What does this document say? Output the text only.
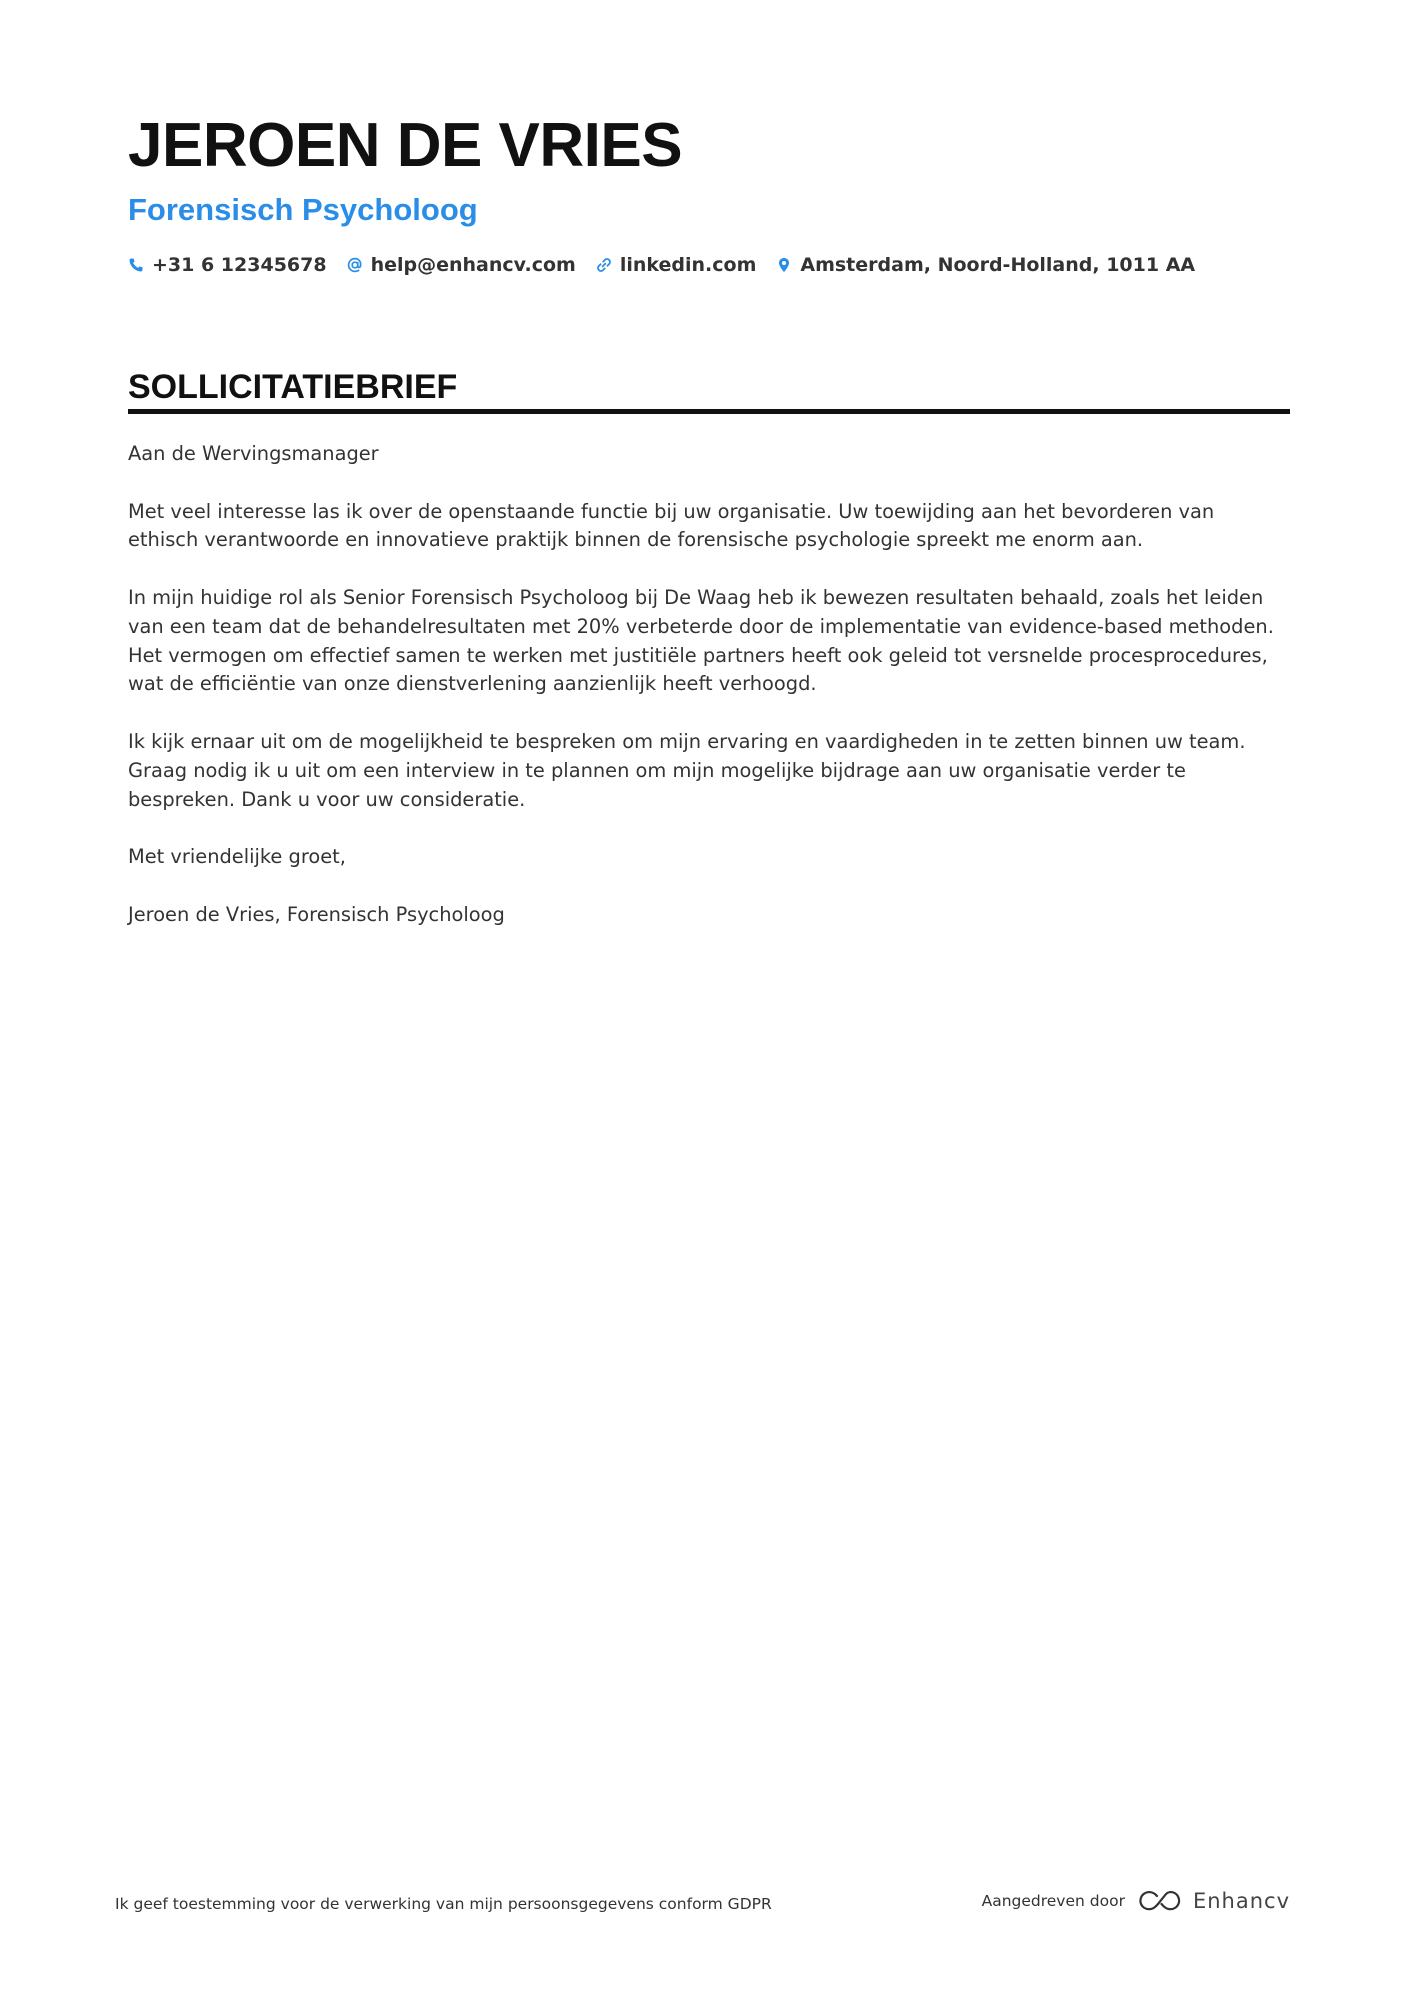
JEROEN DE VRIES
Forensisch Psycholoog
+31 6 12345678 help@enhancv.com linkedin.com Amsterdam, Noord-Holland, 1011 AA
SOLLICITATIEBRIEF

Aan de Wervingsmanager

Met veel interesse las ik over de openstaande functie bij uw organisatie. Uw toewijding aan het bevorderen van ethisch verantwoorde en innovatieve praktijk binnen de forensische psychologie spreekt me enorm aan.

In mijn huidige rol als Senior Forensisch Psycholoog bij De Waag heb ik bewezen resultaten behaald, zoals het leiden van een team dat de behandelresultaten met 20% verbeterde door de implementatie van evidence-based methoden. Het vermogen om effectief samen te werken met justitiële partners heeft ook geleid tot versnelde procesprocedures, wat de efficiëntie van onze dienstverlening aanzienlijk heeft verhoogd.

Ik kijk ernaar uit om de mogelijkheid te bespreken om mijn ervaring en vaardigheden in te zetten binnen uw team. Graag nodig ik u uit om een interview in te plannen om mijn mogelijke bijdrage aan uw organisatie verder te bespreken. Dank u voor uw consideratie.

Met vriendelijke groet,

Jeroen de Vries, Forensisch Psycholoog

Ik geef toestemming voor de verwerking van mijn persoonsgegevens conform GDPR	Aangedreven door	Enhancv
